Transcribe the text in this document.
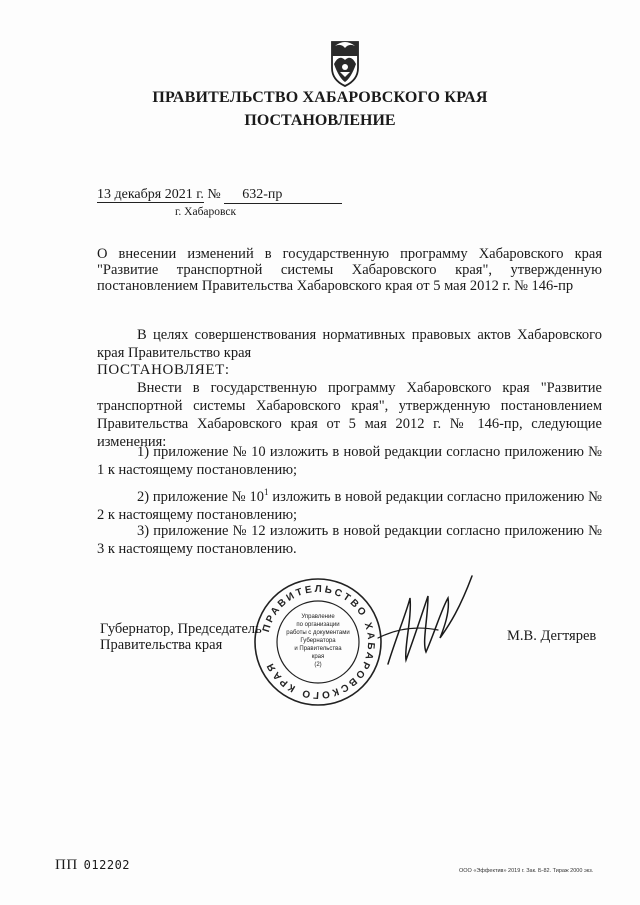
ПРАВИТЕЛЬСТВО ХАБАРОВСКОГО КРАЯ
ПОСТАНОВЛЕНИЕ
13 декабря 2021 г. № 632-пр
г. Хабаровск
О внесении изменений в государственную программу Хабаровского края "Развитие транспортной системы Хабаровского края", утвержденную постановлением Правительства Хабаровского края от 5 мая 2012 г. № 146-пр
В целях совершенствования нормативных правовых актов Хабаровского края Правительство края
ПОСТАНОВЛЯЕТ:
Внести в государственную программу Хабаровского края "Развитие транспортной системы Хабаровского края", утвержденную постановлением Правительства Хабаровского края от 5 мая 2012 г. № 146-пр, следующие изменения:
1) приложение № 10 изложить в новой редакции согласно приложению № 1 к настоящему постановлению;
2) приложение № $10^1$ изложить в новой редакции согласно приложению № 2 к настоящему постановлению;
3) приложение № 12 изложить в новой редакции согласно приложению № 3 к настоящему постановлению.
ПРАВИТЕЛЬСТВО ХАБАРОВСКОГО КРАЯ
Управление
по организации
работы с документами
Губернатора
и Правительства
края
(2)
Губернатор, Председатель
Правительства края
М.В. Дегтярев
ПП 012202	ООО «Эффектив» 2019 г. Зак. Б-82. Тираж 2000 экз.
